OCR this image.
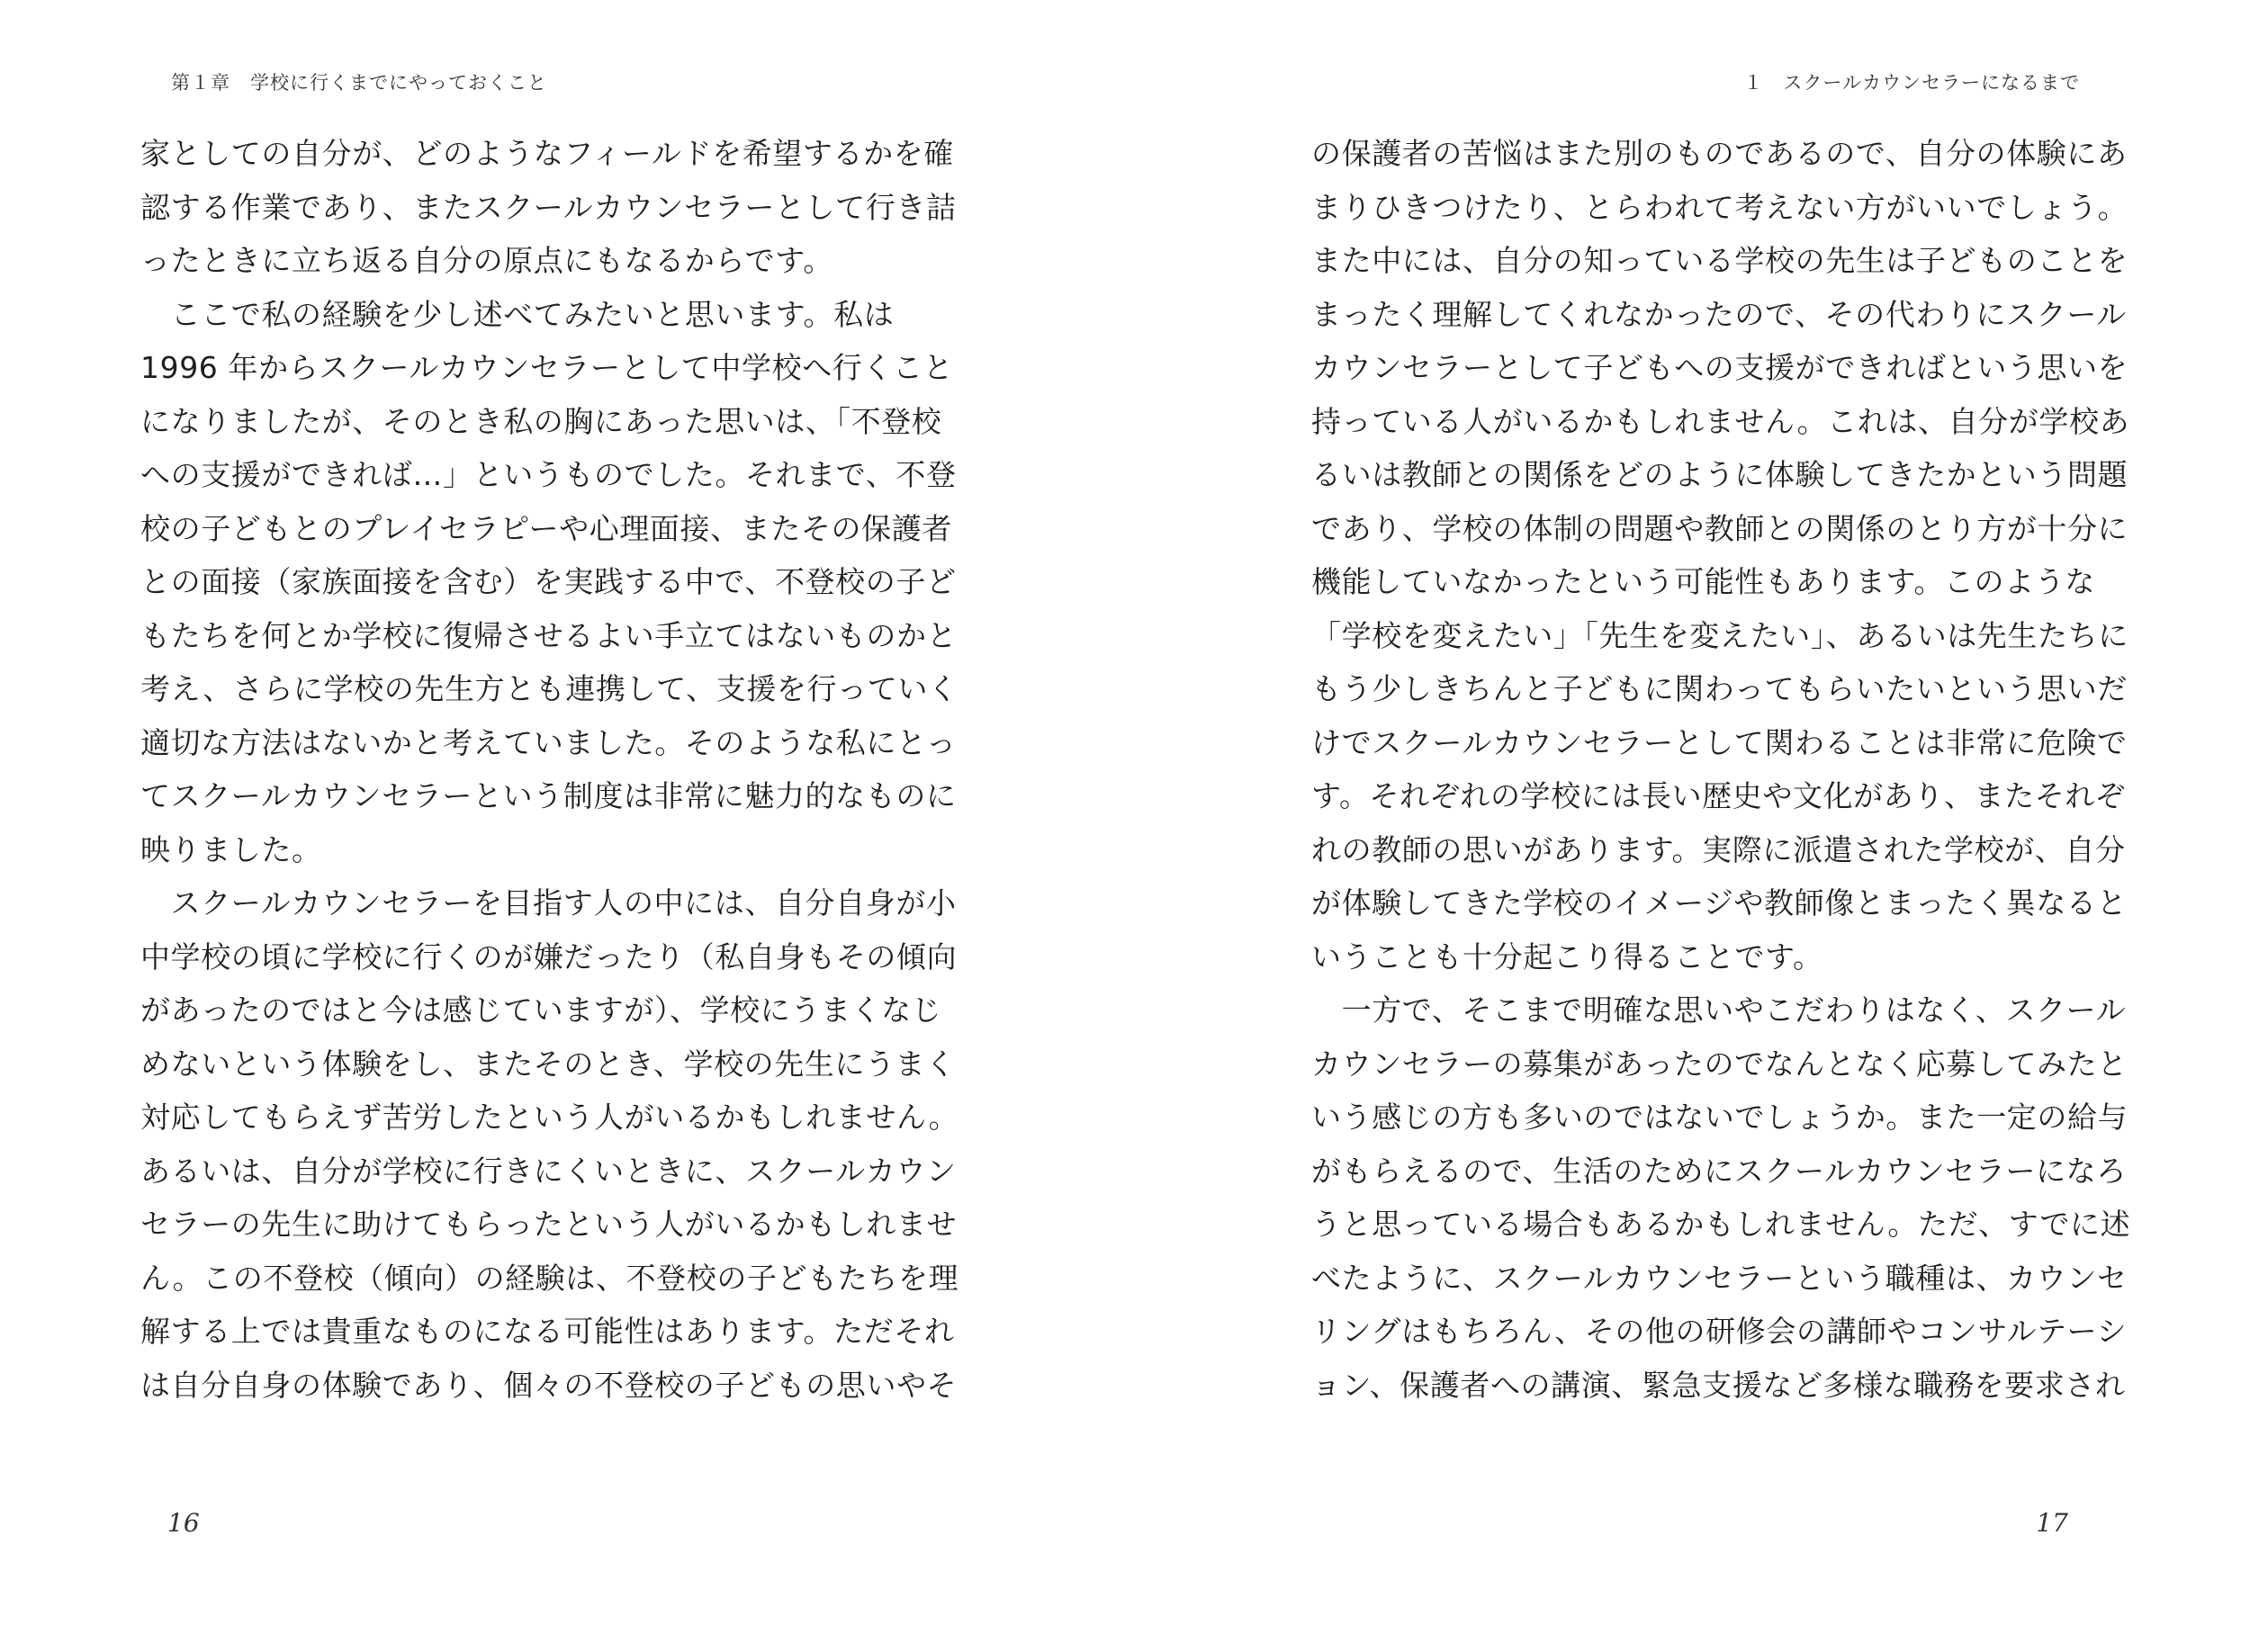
第１章　学校に行くまでにやっておくこと
家としての自分が、どのようなフィールドを希望するかを確
認する作業であり、またスクールカウンセラーとして行き詰
ったときに立ち返る自分の原点にもなるからです。
　ここで私の経験を少し述べてみたいと思います。私は
1996 年からスクールカウンセラーとして中学校へ行くこと
になりましたが、そのとき私の胸にあった思いは、「不登校
への支援ができれば…」というものでした。それまで、不登
校の子どもとのプレイセラピーや心理面接、またその保護者
との面接（家族面接を含む）を実践する中で、不登校の子ど
もたちを何とか学校に復帰させるよい手立てはないものかと
考え、さらに学校の先生方とも連携して、支援を行っていく
適切な方法はないかと考えていました。そのような私にとっ
てスクールカウンセラーという制度は非常に魅力的なものに
映りました。
　スクールカウンセラーを目指す人の中には、自分自身が小
中学校の頃に学校に行くのが嫌だったり（私自身もその傾向
があったのではと今は感じていますが）、学校にうまくなじ
めないという体験をし、またそのとき、学校の先生にうまく
対応してもらえず苦労したという人がいるかもしれません。
あるいは、自分が学校に行きにくいときに、スクールカウン
セラーの先生に助けてもらったという人がいるかもしれませ
ん。この不登校（傾向）の経験は、不登校の子どもたちを理
解する上では貴重なものになる可能性はあります。ただそれ
は自分自身の体験であり、個々の不登校の子どもの思いやそ
16
１　スクールカウンセラーになるまで
の保護者の苦悩はまた別のものであるので、自分の体験にあ
まりひきつけたり、とらわれて考えない方がいいでしょう。
また中には、自分の知っている学校の先生は子どものことを
まったく理解してくれなかったので、その代わりにスクール
カウンセラーとして子どもへの支援ができればという思いを
持っている人がいるかもしれません。これは、自分が学校あ
るいは教師との関係をどのように体験してきたかという問題
であり、学校の体制の問題や教師との関係のとり方が十分に
機能していなかったという可能性もあります。このような
「学校を変えたい」「先生を変えたい」、あるいは先生たちに
もう少しきちんと子どもに関わってもらいたいという思いだ
けでスクールカウンセラーとして関わることは非常に危険で
す。それぞれの学校には長い歴史や文化があり、またそれぞ
れの教師の思いがあります。実際に派遣された学校が、自分
が体験してきた学校のイメージや教師像とまったく異なると
いうことも十分起こり得ることです。
　一方で、そこまで明確な思いやこだわりはなく、スクール
カウンセラーの募集があったのでなんとなく応募してみたと
いう感じの方も多いのではないでしょうか。また一定の給与
がもらえるので、生活のためにスクールカウンセラーになろ
うと思っている場合もあるかもしれません。ただ、すでに述
べたように、スクールカウンセラーという職種は、カウンセ
リングはもちろん、その他の研修会の講師やコンサルテーシ
ョン、保護者への講演、緊急支援など多様な職務を要求され
17
